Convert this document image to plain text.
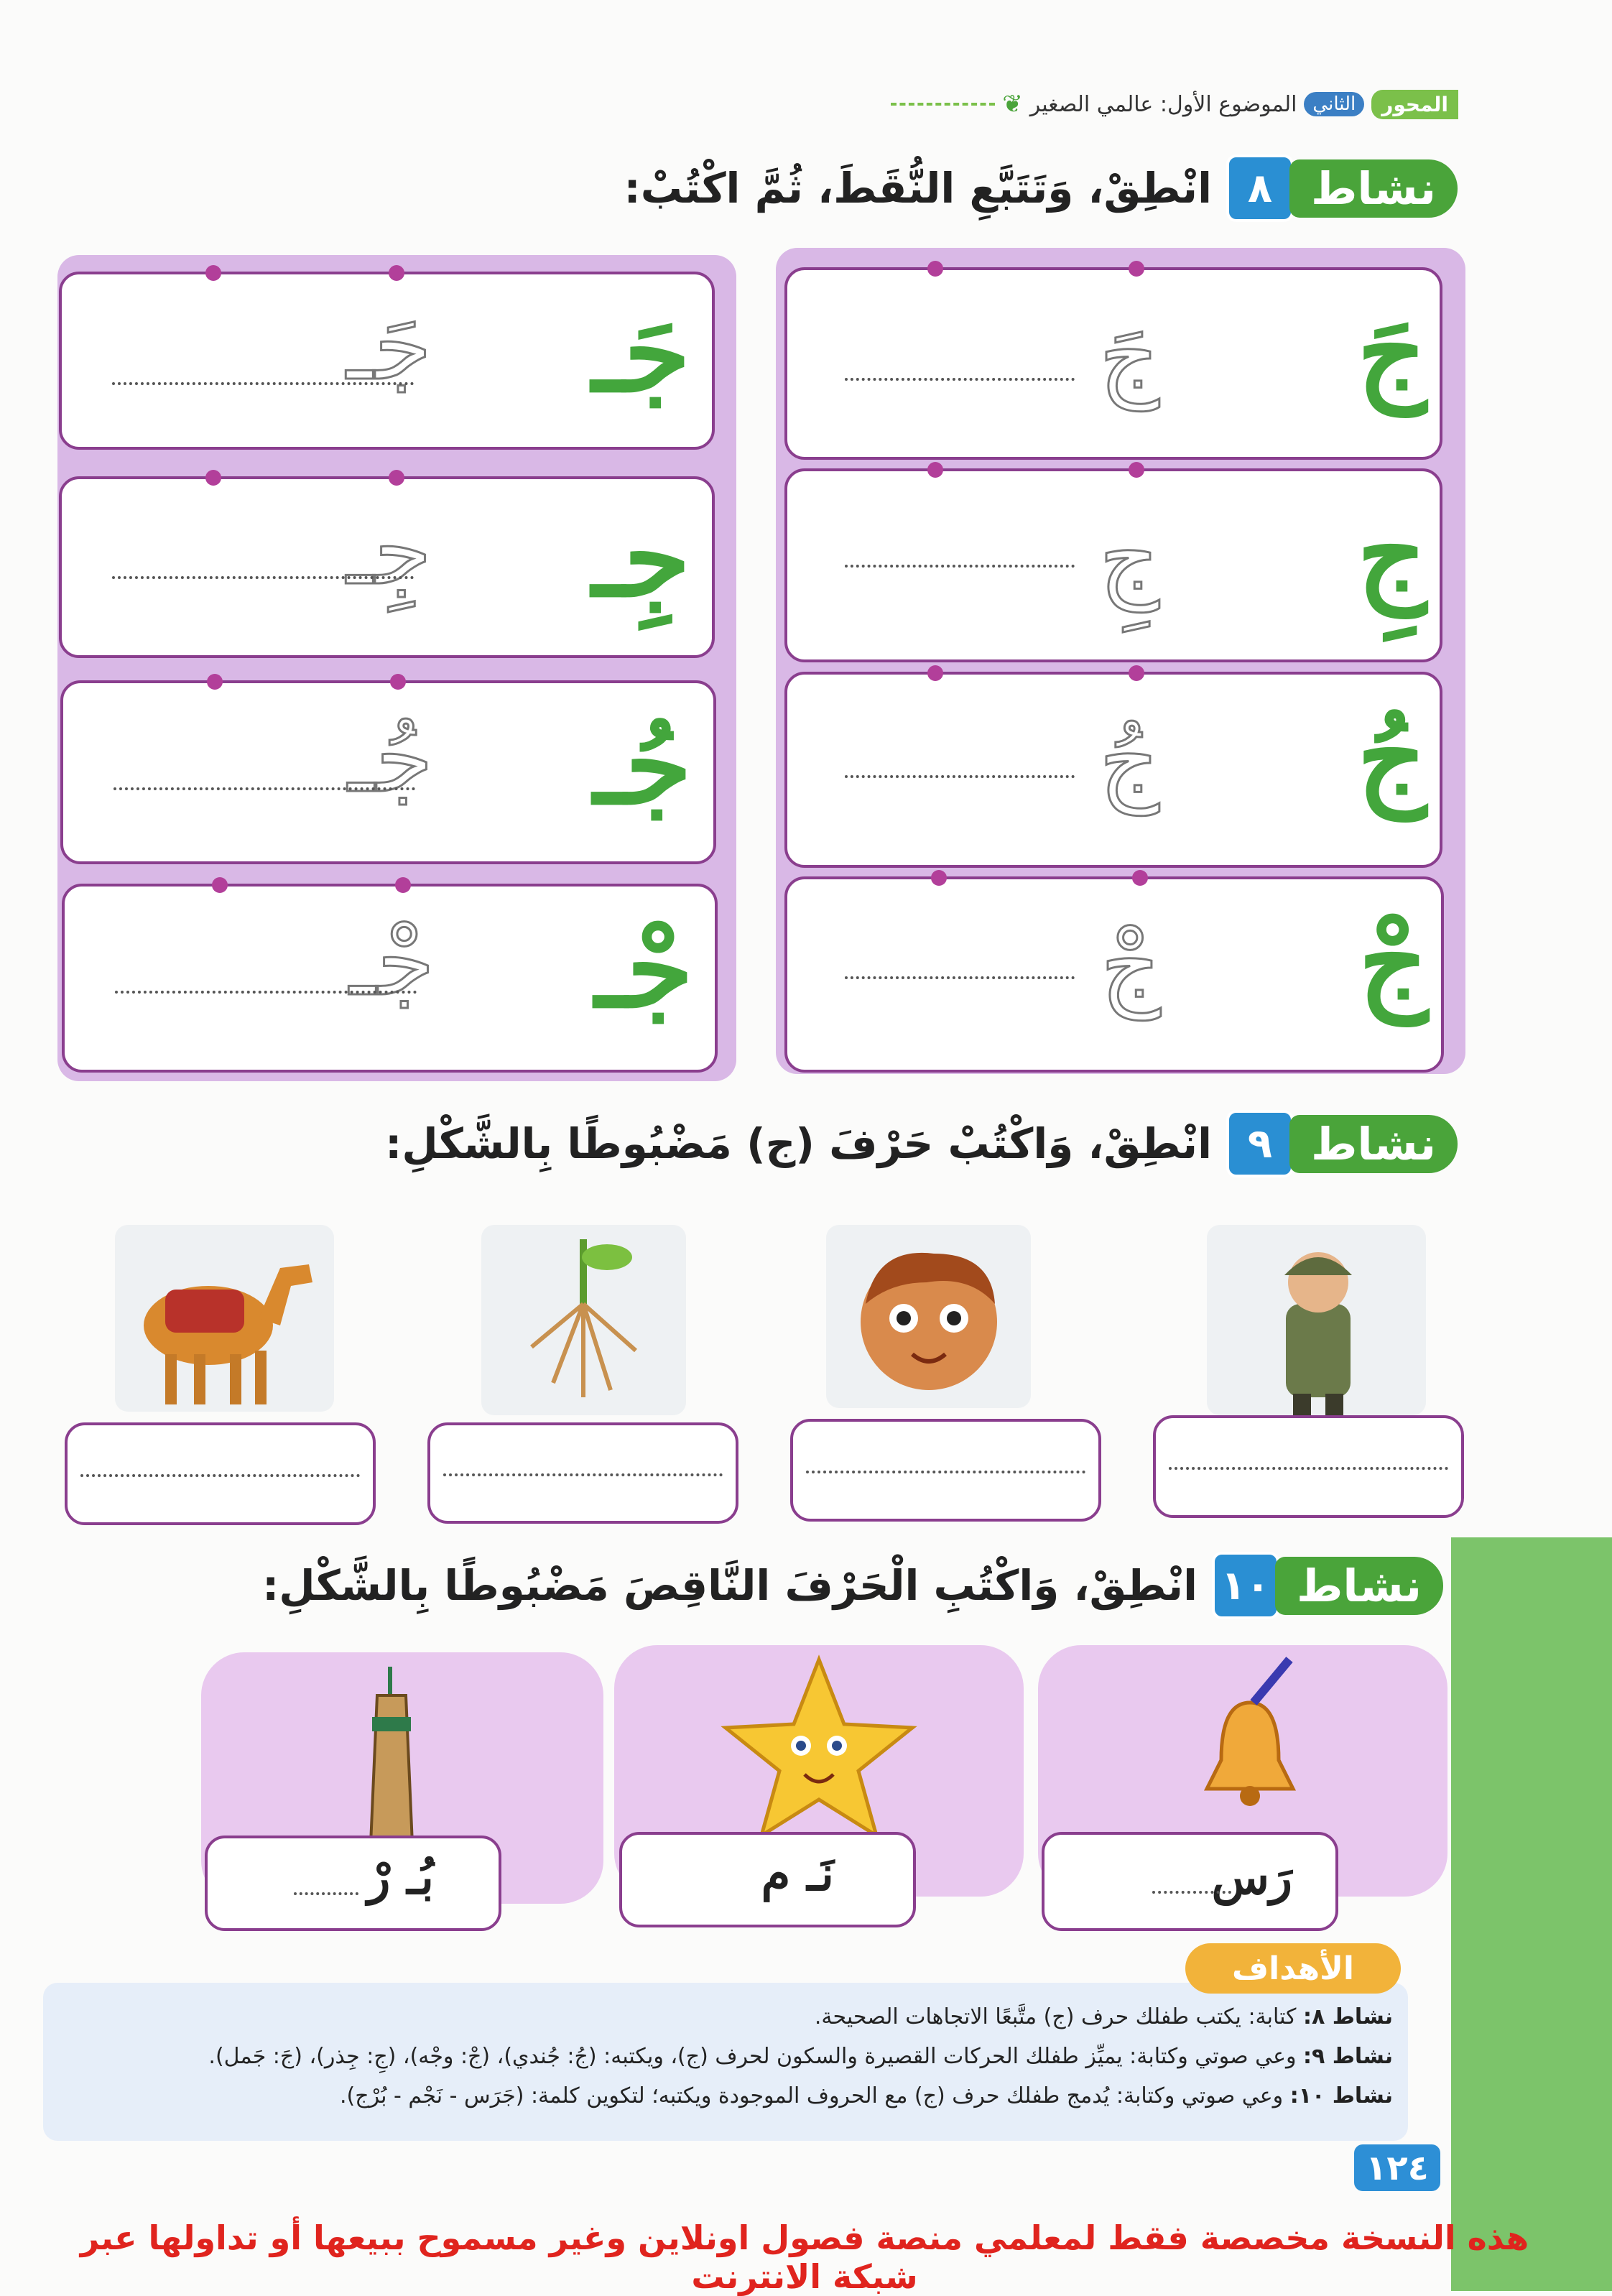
المحور
الثاني
الموضوع الأول: عالمي الصغير
❦
نشاط
٨
انْطِقْ، وَتَتَبَّعِ النُّقَطَ، ثُمَّ اكْتُبْ:
جَ
جَ
جِ
جِ
جُ
جُ
جْ
جْ
جَـ
جَـ
جِـ
جِـ
جُـ
جُـ
جْـ
جْـ
نشاط
٩
انْطِقْ، وَاكْتُبْ حَرْفَ (ج) مَضْبُوطًا بِالشَّكْلِ:
نشاط
١٠
انْطِقْ، وَاكْتُبِ الْحَرْفَ النَّاقِصَ مَضْبُوطًا بِالشَّكْلِ:
رَس
نَـ م
بُـ رْ
الأهداف
نشاط ٨: كتابة: يكتب طفلك حرف (ج) متَّبعًا الاتجاهات الصحيحة.
نشاط ٩: وعي صوتي وكتابة: يميِّز طفلك الحركات القصيرة والسكون لحرف (ج)، ويكتبه: (جُ: جُندي)، (جْ: وجْه)، (جِ: جِذر)، (جَ: جَمل).
نشاط ١٠: وعي صوتي وكتابة: يُدمج طفلك حرف (ج) مع الحروف الموجودة ويكتبه؛ لتكوين كلمة: (جَرَس - نَجْم - بُرْج).
١٢٤
هذه النسخة مخصصة فقط لمعلمي منصة فصول اونلاين وغير مسموح ببيعها أو تداولها عبر شبكة الانترنت
